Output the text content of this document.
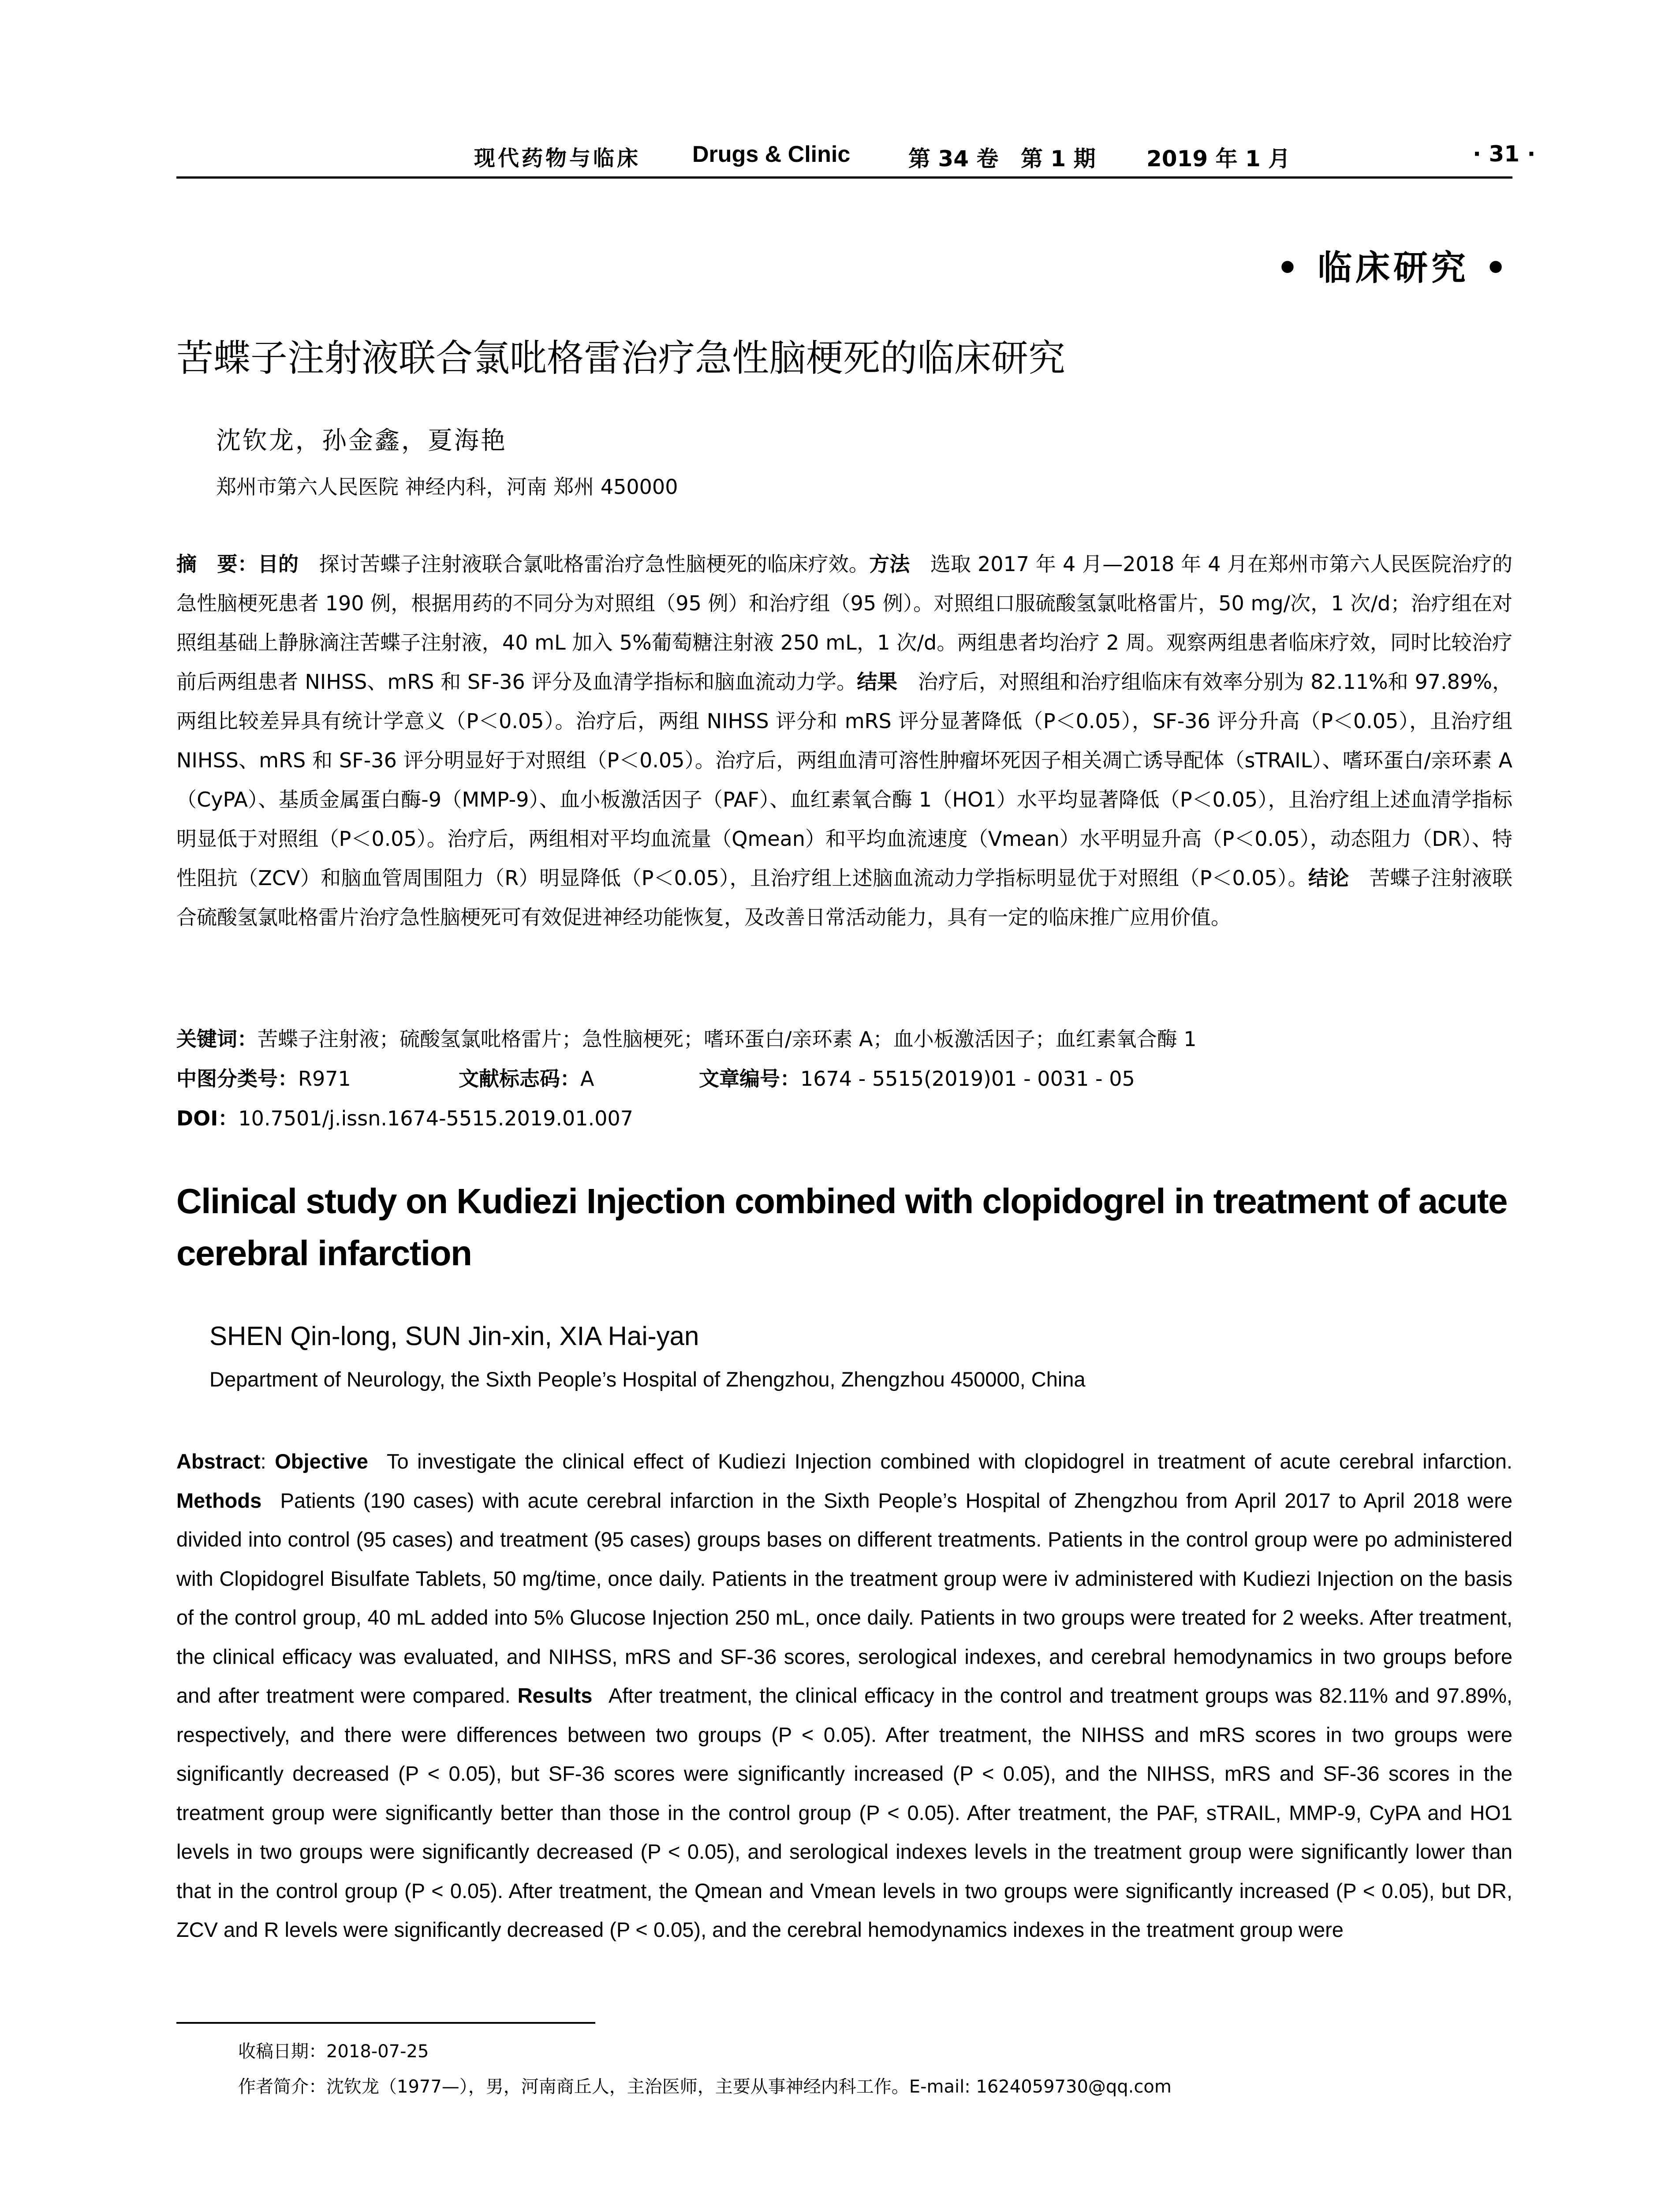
现代药物与临床 Drugs & Clinic	第 34 卷 第 1 期 2019 年 1 月	· 31 ·
• 临床研究 •
苦蝶子注射液联合氯吡格雷治疗急性脑梗死的临床研究
沈钦龙，孙金鑫，夏海艳
郑州市第六人民医院 神经内科，河南 郑州 450000
摘　要：目的  探讨苦蝶子注射液联合氯吡格雷治疗急性脑梗死的临床疗效。方法  选取 2017 年 4 月—2018 年 4 月在郑州市第六人民医院治疗的急性脑梗死患者 190 例，根据用药的不同分为对照组（95 例）和治疗组（95 例）。对照组口服硫酸氢氯吡格雷片，50 mg/次，1 次/d；治疗组在对照组基础上静脉滴注苦蝶子注射液，40 mL 加入 5%葡萄糖注射液 250 mL，1 次/d。两组患者均治疗 2 周。观察两组患者临床疗效，同时比较治疗前后两组患者 NIHSS、mRS 和 SF-36 评分及血清学指标和脑血流动力学。结果  治疗后，对照组和治疗组临床有效率分别为 82.11%和 97.89%，两组比较差异具有统计学意义（P＜0.05）。治疗后，两组 NIHSS 评分和 mRS 评分显著降低（P＜0.05），SF-36 评分升高（P＜0.05），且治疗组 NIHSS、mRS 和 SF-36 评分明显好于对照组（P＜0.05）。治疗后，两组血清可溶性肿瘤坏死因子相关凋亡诱导配体（sTRAIL）、嗜环蛋白/亲环素 A（CyPA）、基质金属蛋白酶-9（MMP-9）、血小板激活因子（PAF）、血红素氧合酶 1（HO1）水平均显著降低（P＜0.05），且治疗组上述血清学指标明显低于对照组（P＜0.05）。治疗后，两组相对平均血流量（Qmean）和平均血流速度（Vmean）水平明显升高（P＜0.05），动态阻力（DR）、特性阻抗（ZCV）和脑血管周围阻力（R）明显降低（P＜0.05），且治疗组上述脑血流动力学指标明显优于对照组（P＜0.05）。结论  苦蝶子注射液联合硫酸氢氯吡格雷片治疗急性脑梗死可有效促进神经功能恢复，及改善日常活动能力，具有一定的临床推广应用价值。
关键词：苦蝶子注射液；硫酸氢氯吡格雷片；急性脑梗死；嗜环蛋白/亲环素 A；血小板激活因子；血红素氧合酶 1
中图分类号：R971	文献标志码：A	文章编号：1674 - 5515(2019)01 - 0031 - 05
DOI：10.7501/j.issn.1674-5515.2019.01.007
Clinical study on Kudiezi Injection combined with clopidogrel in treatment of acute cerebral infarction
SHEN Qin-long, SUN Jin-xin, XIA Hai-yan
Department of Neurology, the Sixth People’s Hospital of Zhengzhou, Zhengzhou 450000, China
Abstract: Objective  To investigate the clinical effect of Kudiezi Injection combined with clopidogrel in treatment of acute cerebral infarction. Methods  Patients (190 cases) with acute cerebral infarction in the Sixth People’s Hospital of Zhengzhou from April 2017 to April 2018 were divided into control (95 cases) and treatment (95 cases) groups bases on different treatments. Patients in the control group were po administered with Clopidogrel Bisulfate Tablets, 50 mg/time, once daily. Patients in the treatment group were iv administered with Kudiezi Injection on the basis of the control group, 40 mL added into 5% Glucose Injection 250 mL, once daily. Patients in two groups were treated for 2 weeks. After treatment, the clinical efficacy was evaluated, and NIHSS, mRS and SF-36 scores, serological indexes, and cerebral hemodynamics in two groups before and after treatment were compared. Results  After treatment, the clinical efficacy in the control and treatment groups was 82.11% and 97.89%, respectively, and there were differences between two groups (P < 0.05). After treatment, the NIHSS and mRS scores in two groups were significantly decreased (P < 0.05), but SF-36 scores were significantly increased (P < 0.05), and the NIHSS, mRS and SF-36 scores in the treatment group were significantly better than those in the control group (P < 0.05). After treatment, the PAF, sTRAIL, MMP-9, CyPA and HO1 levels in two groups were significantly decreased (P < 0.05), and serological indexes levels in the treatment group were significantly lower than that in the control group (P < 0.05). After treatment, the Qmean and Vmean levels in two groups were significantly increased (P < 0.05), but DR, ZCV and R levels were significantly decreased (P < 0.05), and the cerebral hemodynamics indexes in the treatment group were
收稿日期：2018-07-25
作者简介：沈钦龙（1977—），男，河南商丘人，主治医师，主要从事神经内科工作。E-mail: 1624059730@qq.com
